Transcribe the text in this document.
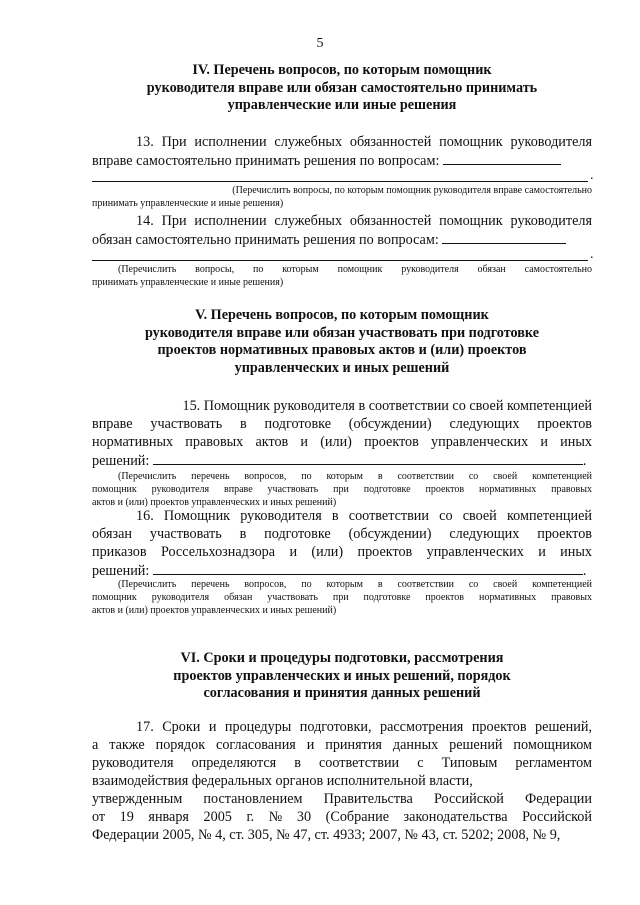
5
IV. Перечень вопросов, по которым помощник
руководителя вправе или обязан самостоятельно принимать
управленческие или иные решения
13. При исполнении служебных обязанностей помощник руководителя
вправе самостоятельно принимать решения по вопросам:
.
(Перечислить вопросы, по которым помощник руководителя вправе самостоятельно
принимать управленческие и иные решения)
14. При исполнении служебных обязанностей помощник руководителя
обязан самостоятельно принимать решения по вопросам:
.
(Перечислить вопросы, по которым помощник руководителя обязан самостоятельно
принимать управленческие и иные решения)
V. Перечень вопросов, по которым помощник
руководителя вправе или обязан участвовать при подготовке
проектов нормативных правовых актов и (или) проектов
управленческих и иных решений
15. Помощник руководителя в соответствии со своей компетенцией
вправе участвовать в подготовке (обсуждении) следующих проектов
нормативных правовых актов и (или) проектов управленческих и иных
решений:	.
(Перечислить перечень вопросов, по которым в соответствии со своей компетенцией
помощник руководителя вправе участвовать при подготовке проектов нормативных правовых
актов и (или) проектов управленческих и иных решений)
16. Помощник руководителя в соответствии со своей компетенцией
обязан участвовать в подготовке (обсуждении) следующих проектов
приказов Россельхознадзора и (или) проектов управленческих и иных
решений:	.
(Перечислить перечень вопросов, по которым в соответствии со своей компетенцией
помощник руководителя обязан участвовать при подготовке проектов нормативных правовых
актов и (или) проектов управленческих и иных решений)
VI. Сроки и процедуры подготовки, рассмотрения
проектов управленческих и иных решений, порядок
согласования и принятия данных решений
17. Сроки и процедуры подготовки, рассмотрения проектов решений,
а также порядок согласования и принятия данных решений помощником
руководителя определяются в соответствии с Типовым регламентом
взаимодействия федеральных органов исполнительной власти,
утвержденным постановлением Правительства Российской Федерации
от 19 января 2005 г. № 30 (Собрание законодательства Российской
Федерации 2005, № 4, ст. 305, № 47, ст. 4933; 2007, № 43, ст. 5202; 2008, № 9,
